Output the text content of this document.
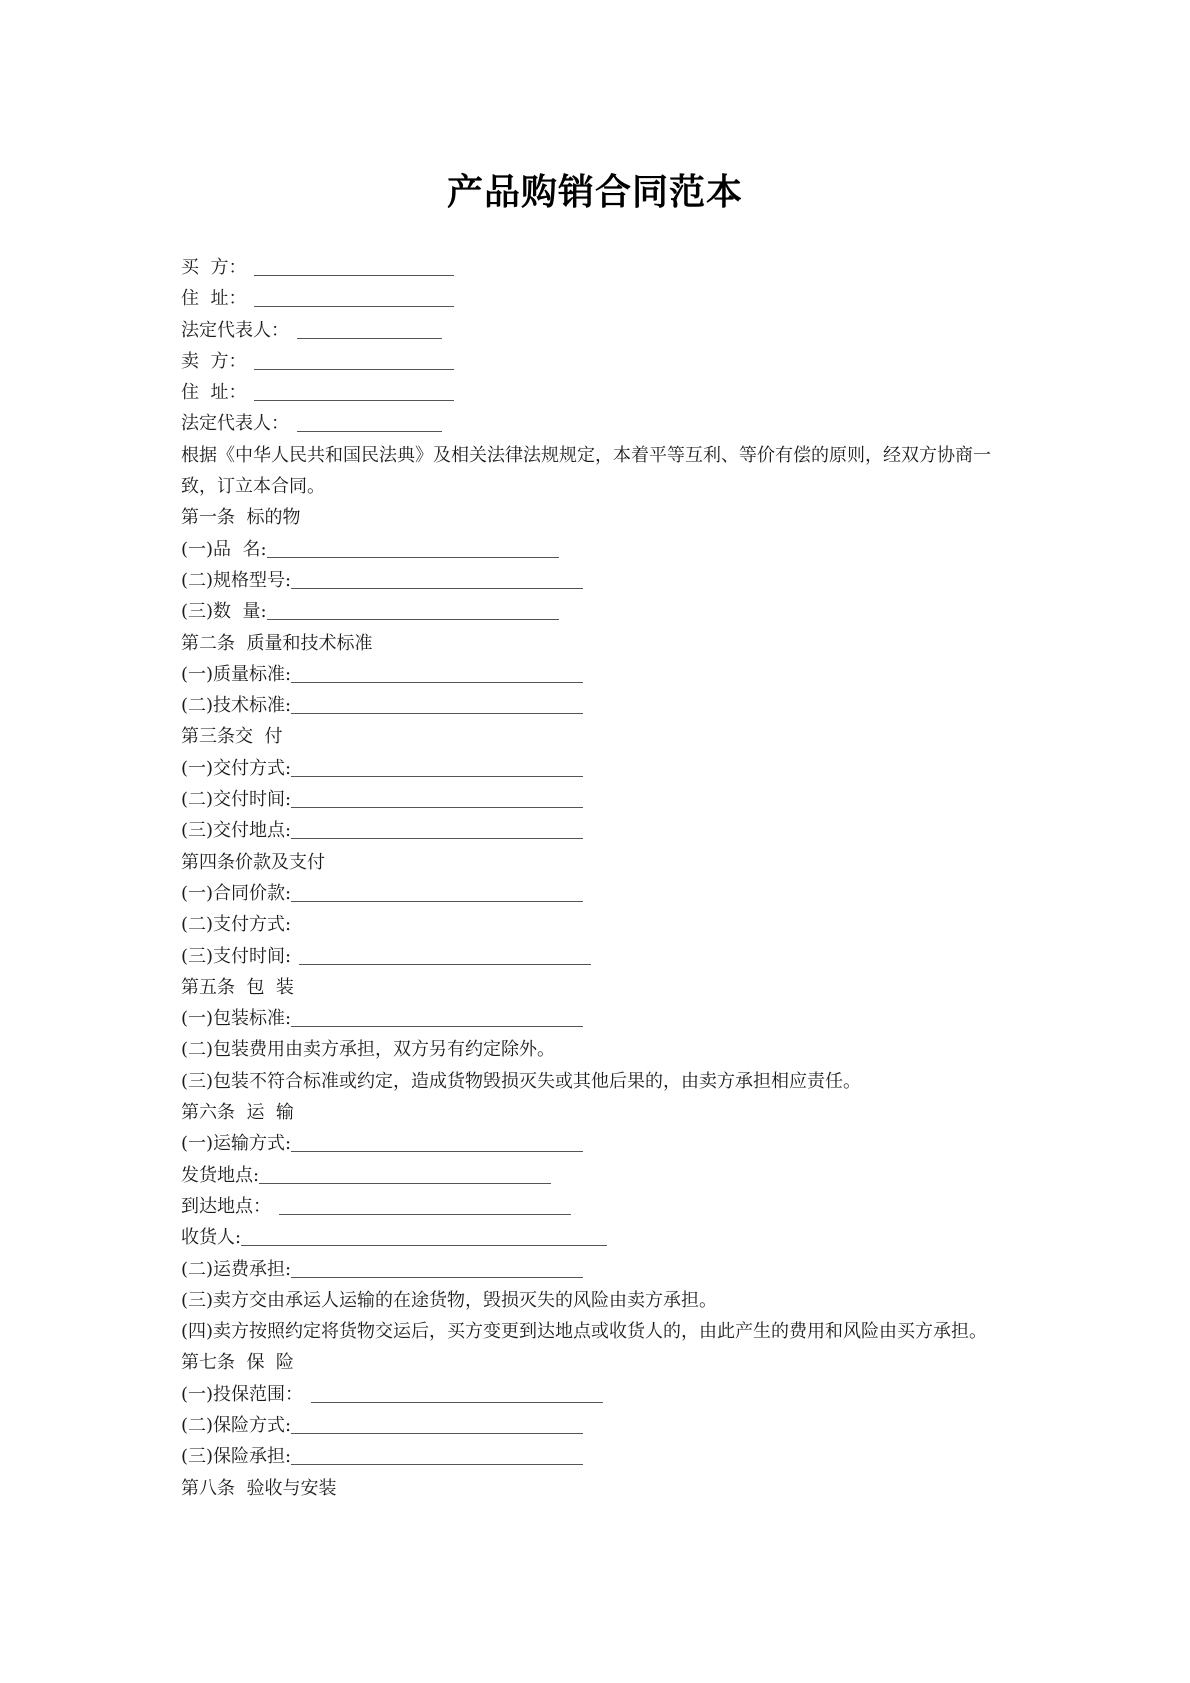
产品购销合同范本
买  方：
住  址：
法定代表人：
卖  方：
住  址：
法定代表人：
根据《中华人民共和国民法典》及相关法律法规规定，本着平等互利、等价有偿的原则，经双方协商一致，订立本合同。
第一条  标的物
(一)品  名:
(二)规格型号:
(三)数  量:
第二条  质量和技术标准
(一)质量标准:
(二)技术标准:
第三条交  付
(一)交付方式:
(二)交付时间:
(三)交付地点:
第四条价款及支付
(一)合同价款:
(二)支付方式:
(三)支付时间:
第五条  包  装
(一)包装标准:
(二)包装费用由卖方承担，双方另有约定除外。
(三)包装不符合标准或约定，造成货物毁损灭失或其他后果的，由卖方承担相应责任。
第六条  运  输
(一)运输方式:
发货地点:
到达地点：
收货人:
(二)运费承担:
(三)卖方交由承运人运输的在途货物，毁损灭失的风险由卖方承担。
(四)卖方按照约定将货物交运后，买方变更到达地点或收货人的，由此产生的费用和风险由买方承担。
第七条  保  险
(一)投保范围：
(二)保险方式:
(三)保险承担:
第八条  验收与安装
